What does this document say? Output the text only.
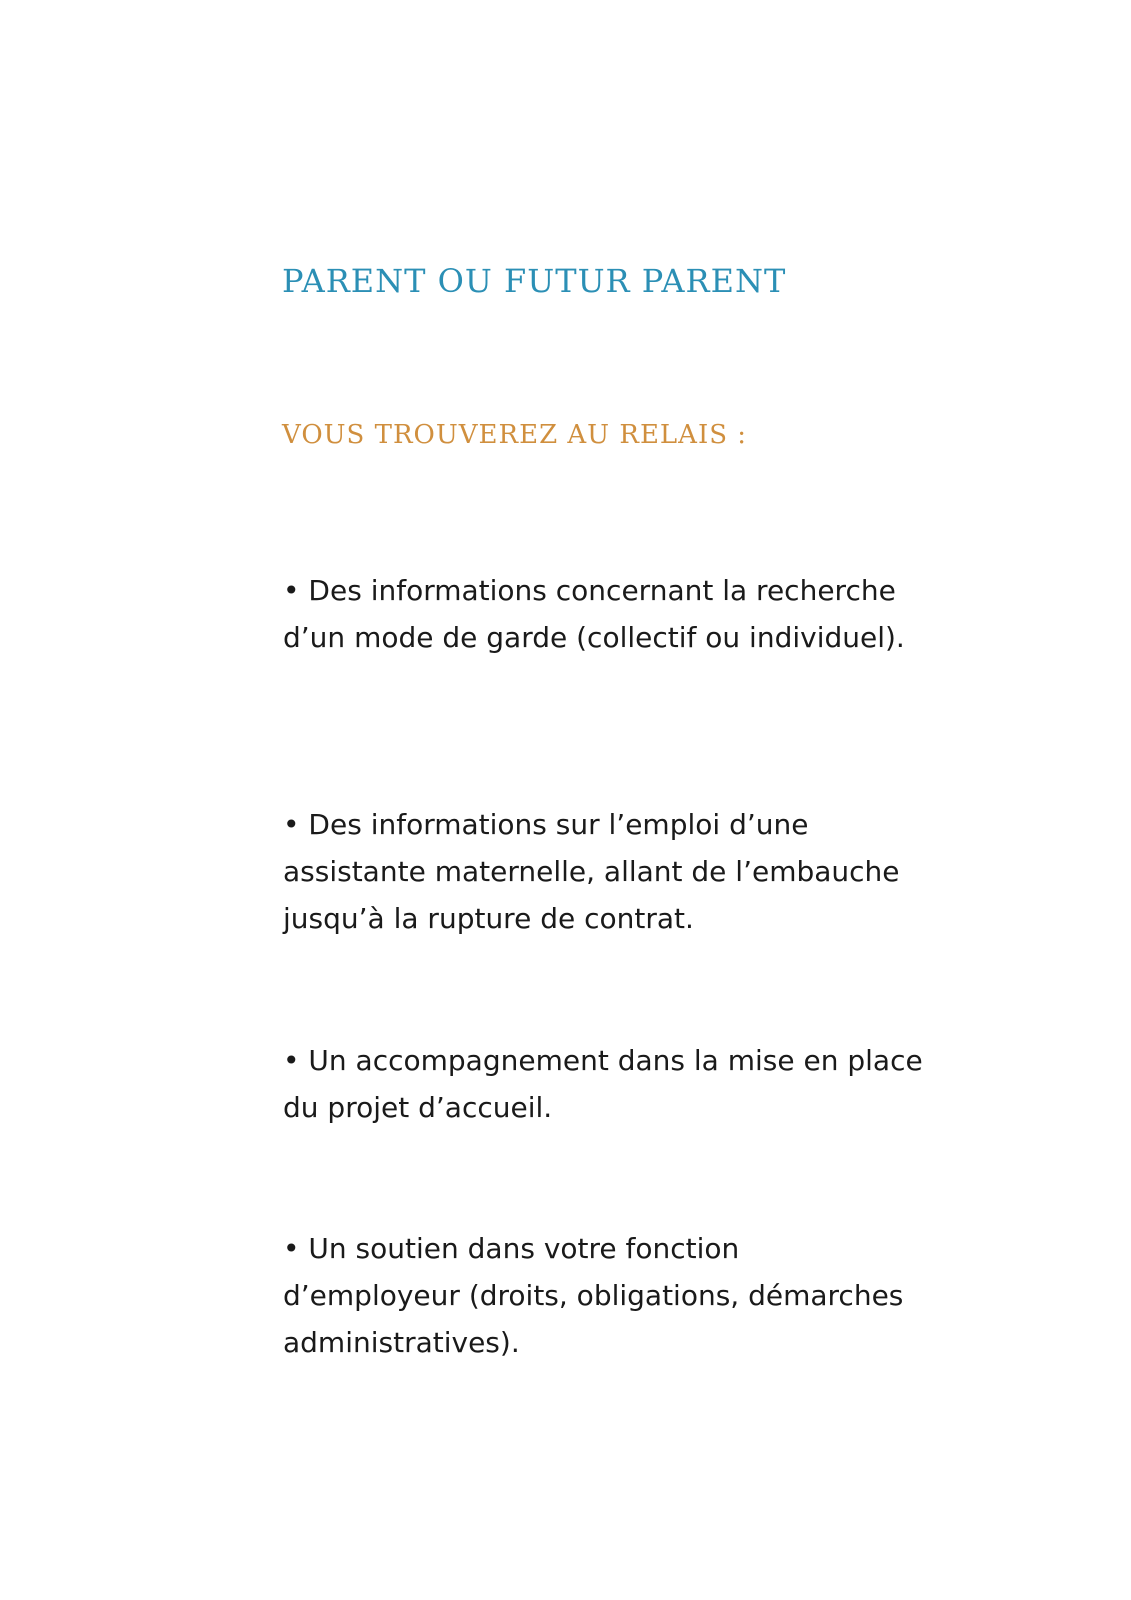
PARENT OU FUTUR PARENT
VOUS TROUVEREZ AU RELAIS :
• Des informations concernant la recherche d’un mode de garde (collectif ou individuel).
• Des informations sur l’emploi d’une assistante maternelle, allant de l’embauche jusqu’à la rupture de contrat.
• Un accompagnement dans la mise en place du projet d’accueil.
• Un soutien dans votre fonction d’employeur (droits, obligations, démarches administratives).
